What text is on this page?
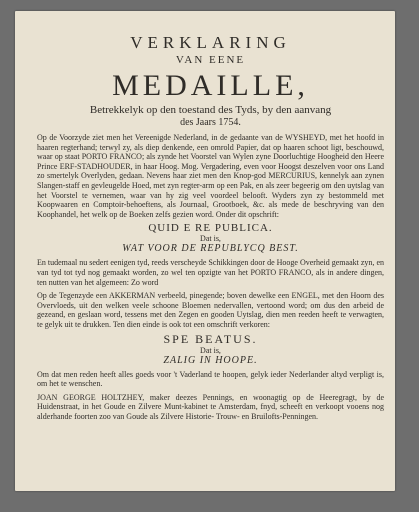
VERKLARING
VAN EENE
MEDAILLE,
Betrekkelyk op den toestand des Tyds, by den aanvang
des Jaars 1754.
Op de Voorzyde ziet men het Vereenigde Nederland, in de gedaante van de WYSHEYD, met het hoofd in haaren regterhand; terwyl zy, als diep denkende, een omrold Papier, dat op haaren schoot ligt, beschouwd, waar op staat PORTO FRANCO; als zynde het Voorstel van Wylen zyne Doorluchtige Hoogheid den Heere Prince ERF-STADHOUDER, in haar Hoog. Mog. Vergadering, even voor Hoogst deszelven voor ons Land zo smertelyk Overlyden, gedaan. Nevens haar ziet men den Knop-god MERCURIUS, kennelyk aan zynen Slangen-staff en gevleugelde Hoed, met zyn regter-arm op een Pak, en als zeer begeerig om den uytslag van het Voorstel te vernemen, waar van hy zig veel voordeel belooft. Wyders zyn zy bestommeld met Koopwaaren en Comptoir-behoeftens, als Journaal, Grootboek, &c. als mede de beschryving van den Koophandel, het welk op de Boeken zelfs gezien word. Onder dit opschrift:
QUID E RE PUBLICA.
Dat is,
WAT VOOR DE REPUBLYCQ BEST.
En tudemaal nu sedert eenigen tyd, reeds verscheyde Schikkingen door de Hooge Overheid gemaakt zyn, en van tyd tot tyd nog gemaakt worden, zo wel ten opzigte van het PORTO FRANCO, als in andere dingen, ten nutten van het algemeen: Zo word
Op de Tegenzyde een AKKERMAN verbeeld, pinegende; boven dewelke een ENGEL, met den Hoorn des Overvloeds, uit den welken veele schoone Bloemen nedervallen, vertoond word; om dus den arbeid de gezeand, en geslaan word, tessens met den Zegen en gooden Uytslag, dien men reeden heeft te verwagten, te gelyk uit te drukken. Ten dien einde is ook tot een omschrift verkoren:
SPE BEATUS.
Dat is,
ZALIG IN HOOPE.
Om dat men reden heeft alles goeds voor 't Vaderland te hoopen, gelyk ieder Nederlander altyd verpligt is, om het te wenschen.
JOAN GEORGE HOLTZHEY, maker deezes Pennings, en woonagtig op de Heeregragt, by de Huidenstraat, in het Goude en Zilvere Munt-kabinet te Amsterdam, fnyd, scheeft en verkoopt vooens nog alderhande foorten zoo van Goude als Zilvere Historie- Trouw- en Bruilofts-Penningen.
